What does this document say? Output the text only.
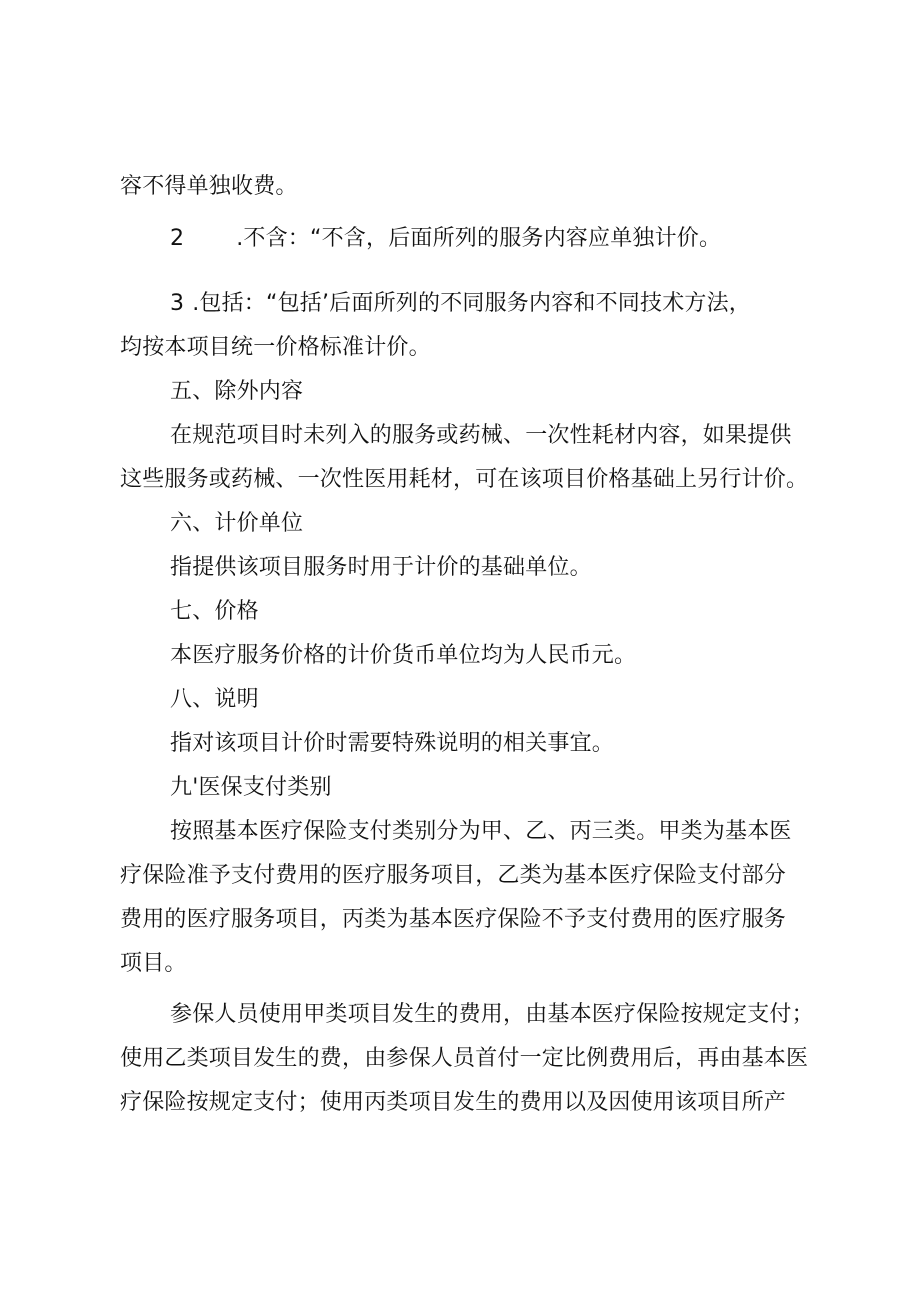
容不得单独收费。
2 .不含：“不含，后面所列的服务内容应单独计价。
3 .包括：“包括’后面所列的不同服务内容和不同技术方法，
均按本项目统一价格标准计价。
五、除外内容
在规范项目时未列入的服务或药械、一次性耗材内容，如果提供
这些服务或药械、一次性医用耗材，可在该项目价格基础上另行计价。
六、计价单位
指提供该项目服务时用于计价的基础单位。
七、价格
本医疗服务价格的计价货币单位均为人民币元。
八、说明
指对该项目计价时需要特殊说明的相关事宜。
九'医保支付类别
按照基本医疗保险支付类别分为甲、乙、丙三类。甲类为基本医
疗保险准予支付费用的医疗服务项目，乙类为基本医疗保险支付部分
费用的医疗服务项目，丙类为基本医疗保险不予支付费用的医疗服务
项目。
参保人员使用甲类项目发生的费用，由基本医疗保险按规定支付；
使用乙类项目发生的费，由参保人员首付一定比例费用后，再由基本医
疗保险按规定支付；使用丙类项目发生的费用以及因使用该项目所产
